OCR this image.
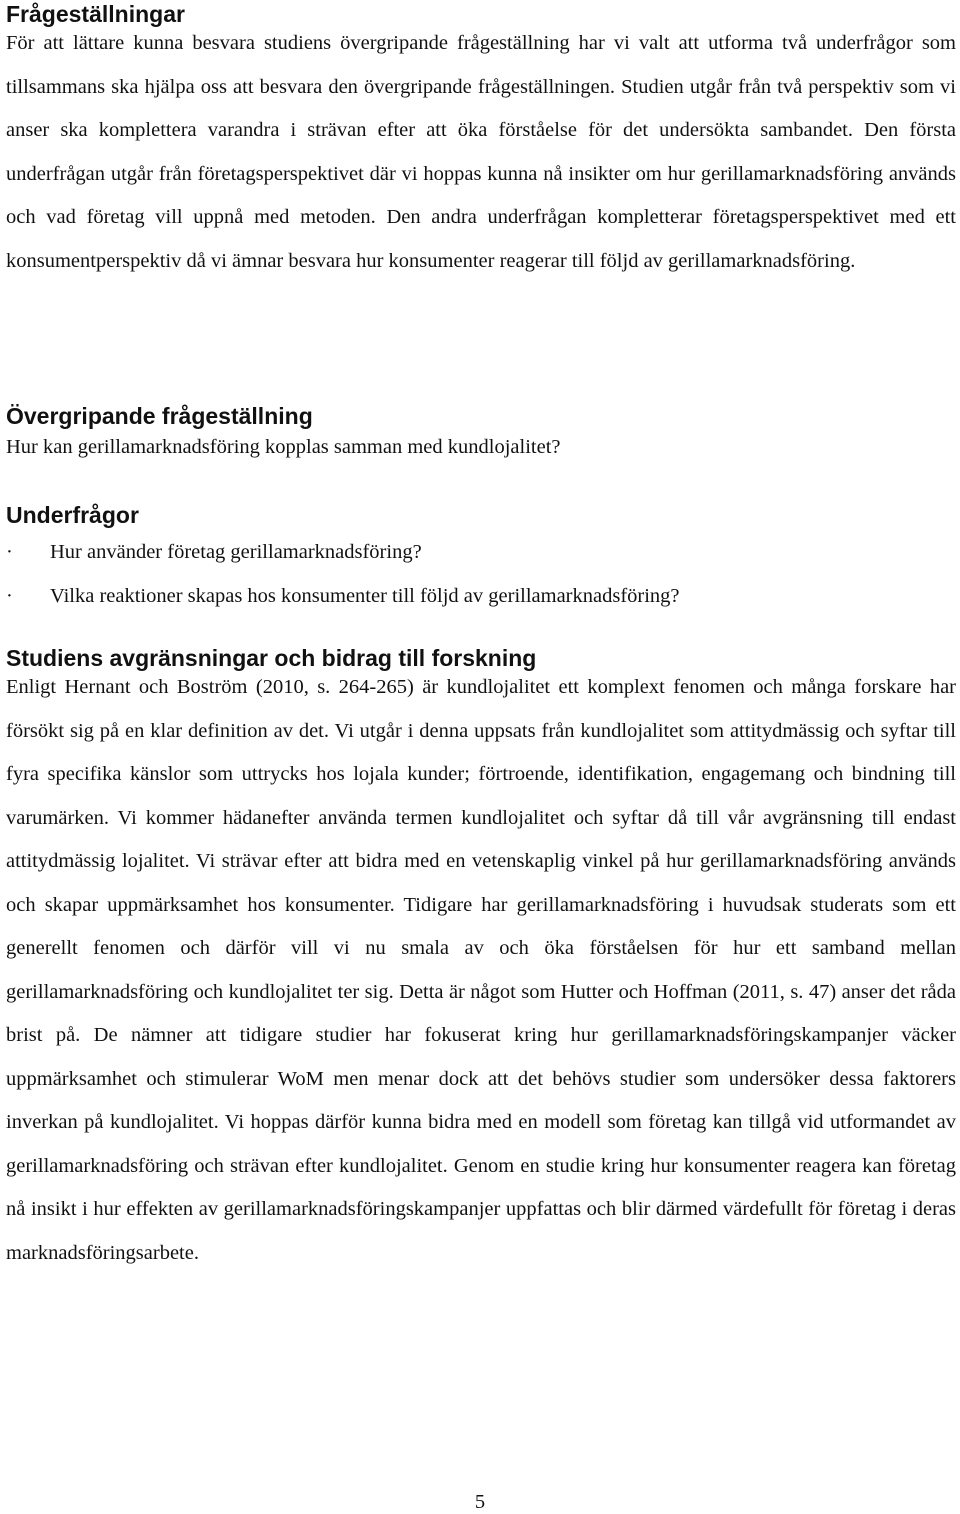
Frågeställningar

För att lättare kunna besvara studiens övergripande frågeställning har vi valt att utforma två underfrågor som tillsammans ska hjälpa oss att besvara den övergripande frågeställningen. Studien utgår från två perspektiv som vi anser ska komplettera varandra i strävan efter att öka förståelse för det undersökta sambandet. Den första underfrågan utgår från företagsperspektivet där vi hoppas kunna nå insikter om hur gerillamarknadsföring används och vad företag vill uppnå med metoden. Den andra underfrågan kompletterar företagsperspektivet med ett konsumentperspektiv då vi ämnar besvara hur konsumenter reagerar till följd av gerillamarknadsföring.

Övergripande frågeställning

Hur kan gerillamarknadsföring kopplas samman med kundlojalitet?

Underfrågor
· Hur använder företag gerillamarknadsföring?
· Vilka reaktioner skapas hos konsumenter till följd av gerillamarknadsföring?
Studiens avgränsningar och bidrag till forskning

Enligt Hernant och Boström (2010, s. 264-265) är kundlojalitet ett komplext fenomen och många forskare har försökt sig på en klar definition av det. Vi utgår i denna uppsats från kundlojalitet som attitydmässig och syftar till fyra specifika känslor som uttrycks hos lojala kunder; förtroende, identifikation, engagemang och bindning till varumärken. Vi kommer hädanefter använda termen kundlojalitet och syftar då till vår avgränsning till endast attitydmässig lojalitet. Vi strävar efter att bidra med en vetenskaplig vinkel på hur gerillamarknadsföring används och skapar uppmärksamhet hos konsumenter. Tidigare har gerillamarknadsföring i huvudsak studerats som ett generellt fenomen och därför vill vi nu smala av och öka förståelsen för hur ett samband mellan gerillamarknadsföring och kundlojalitet ter sig. Detta är något som Hutter och Hoffman (2011, s. 47) anser det råda brist på. De nämner att tidigare studier har fokuserat kring hur gerillamarknadsföringskampanjer väcker uppmärksamhet och stimulerar WoM men menar dock att det behövs studier som undersöker dessa faktorers inverkan på kundlojalitet. Vi hoppas därför kunna bidra med en modell som företag kan tillgå vid utformandet av gerillamarknadsföring och strävan efter kundlojalitet. Genom en studie kring hur konsumenter reagera kan företag nå insikt i hur effekten av gerillamarknadsföringskampanjer uppfattas och blir därmed värdefullt för företag i deras marknadsföringsarbete.

5
